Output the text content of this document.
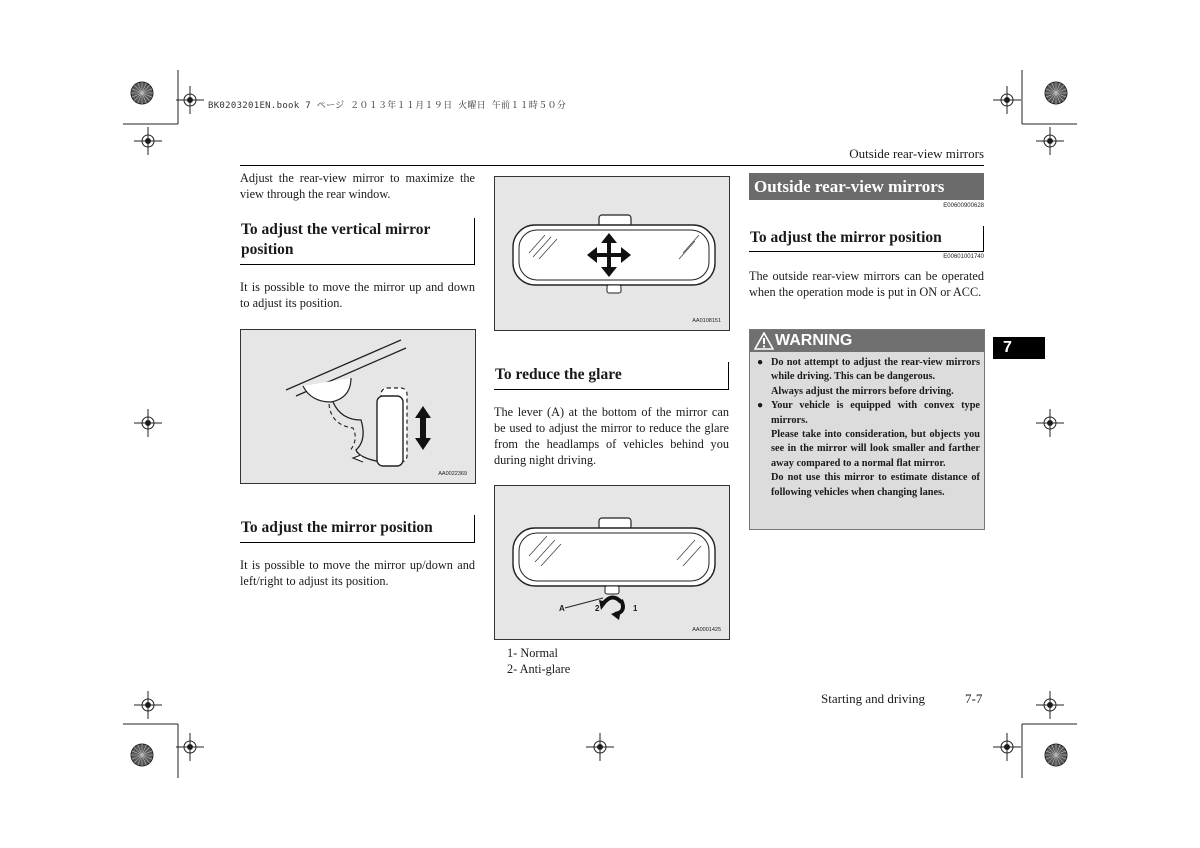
BK0203201EN.book 7 ページ ２０１３年１１月１９日 火曜日 午前１１時５０分
Outside rear-view mirrors
Adjust the rear-view mirror to maximize the view through the rear window.
To adjust the vertical mirror position
It is possible to move the mirror up and down to adjust its position.
AA0022369
To adjust the mirror position
It is possible to move the mirror up/down and left/right to adjust its position.
AA0108151
To reduce the glare
The lever (A) at the bottom of the mirror can be used to adjust the mirror to reduce the glare from the headlamps of vehicles behind you during night driving.
A	2	1
AA0001425
1- Normal
2- Anti-glare
Outside rear-view mirrors
E00600900628
To adjust the mirror position
E00601001740
The outside rear-view mirrors can be operated when the operation mode is put in ON or ACC.
WARNING
● Do not attempt to adjust the rear-view mirrors while driving. This can be dangerous.
Always adjust the mirrors before driving.
● Your vehicle is equipped with convex type mirrors.
Please take into consideration, but objects you see in the mirror will look smaller and farther away compared to a normal flat mirror.
Do not use this mirror to estimate distance of following vehicles when changing lanes.
7
Starting and driving	7-7
